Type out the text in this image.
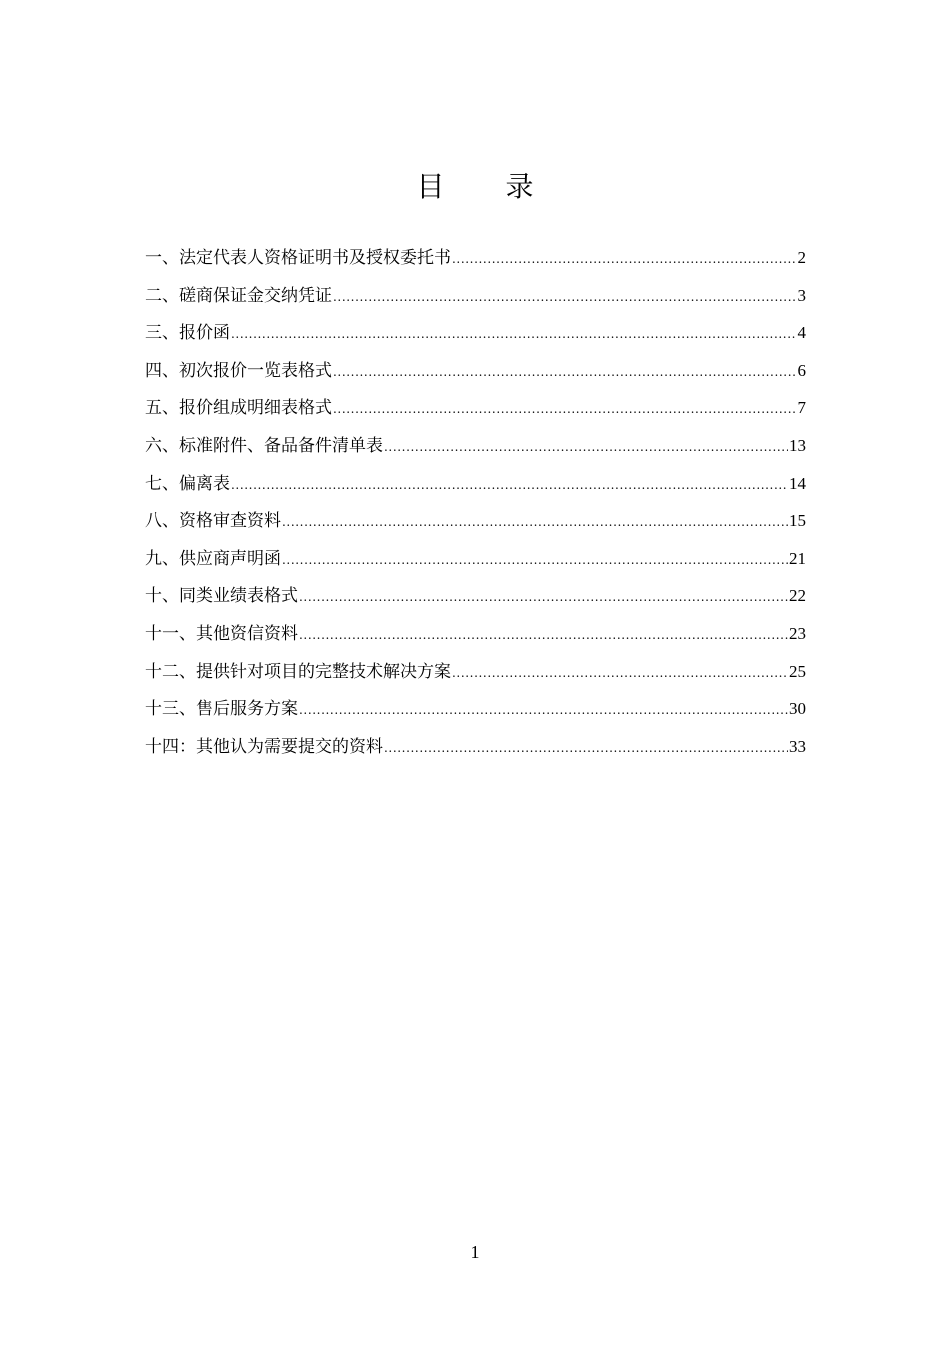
目 录
一、法定代表人资格证明书及授权委托书 .....	2
二、磋商保证金交纳凭证 .....	3
三、报价函 .....	4
四、初次报价一览表格式 .....	6
五、报价组成明细表格式 .....	7
六、标准附件、备品备件清单表 .....	13
七、偏离表 .....	14
八、资格审查资料 .....	15
九、供应商声明函 .....	21
十、同类业绩表格式 .....	22
十一、其他资信资料 .....	23
十二、提供针对项目的完整技术解决方案 .....	25
十三、售后服务方案 .....	30
十四：其他认为需要提交的资料 .....	33
1
